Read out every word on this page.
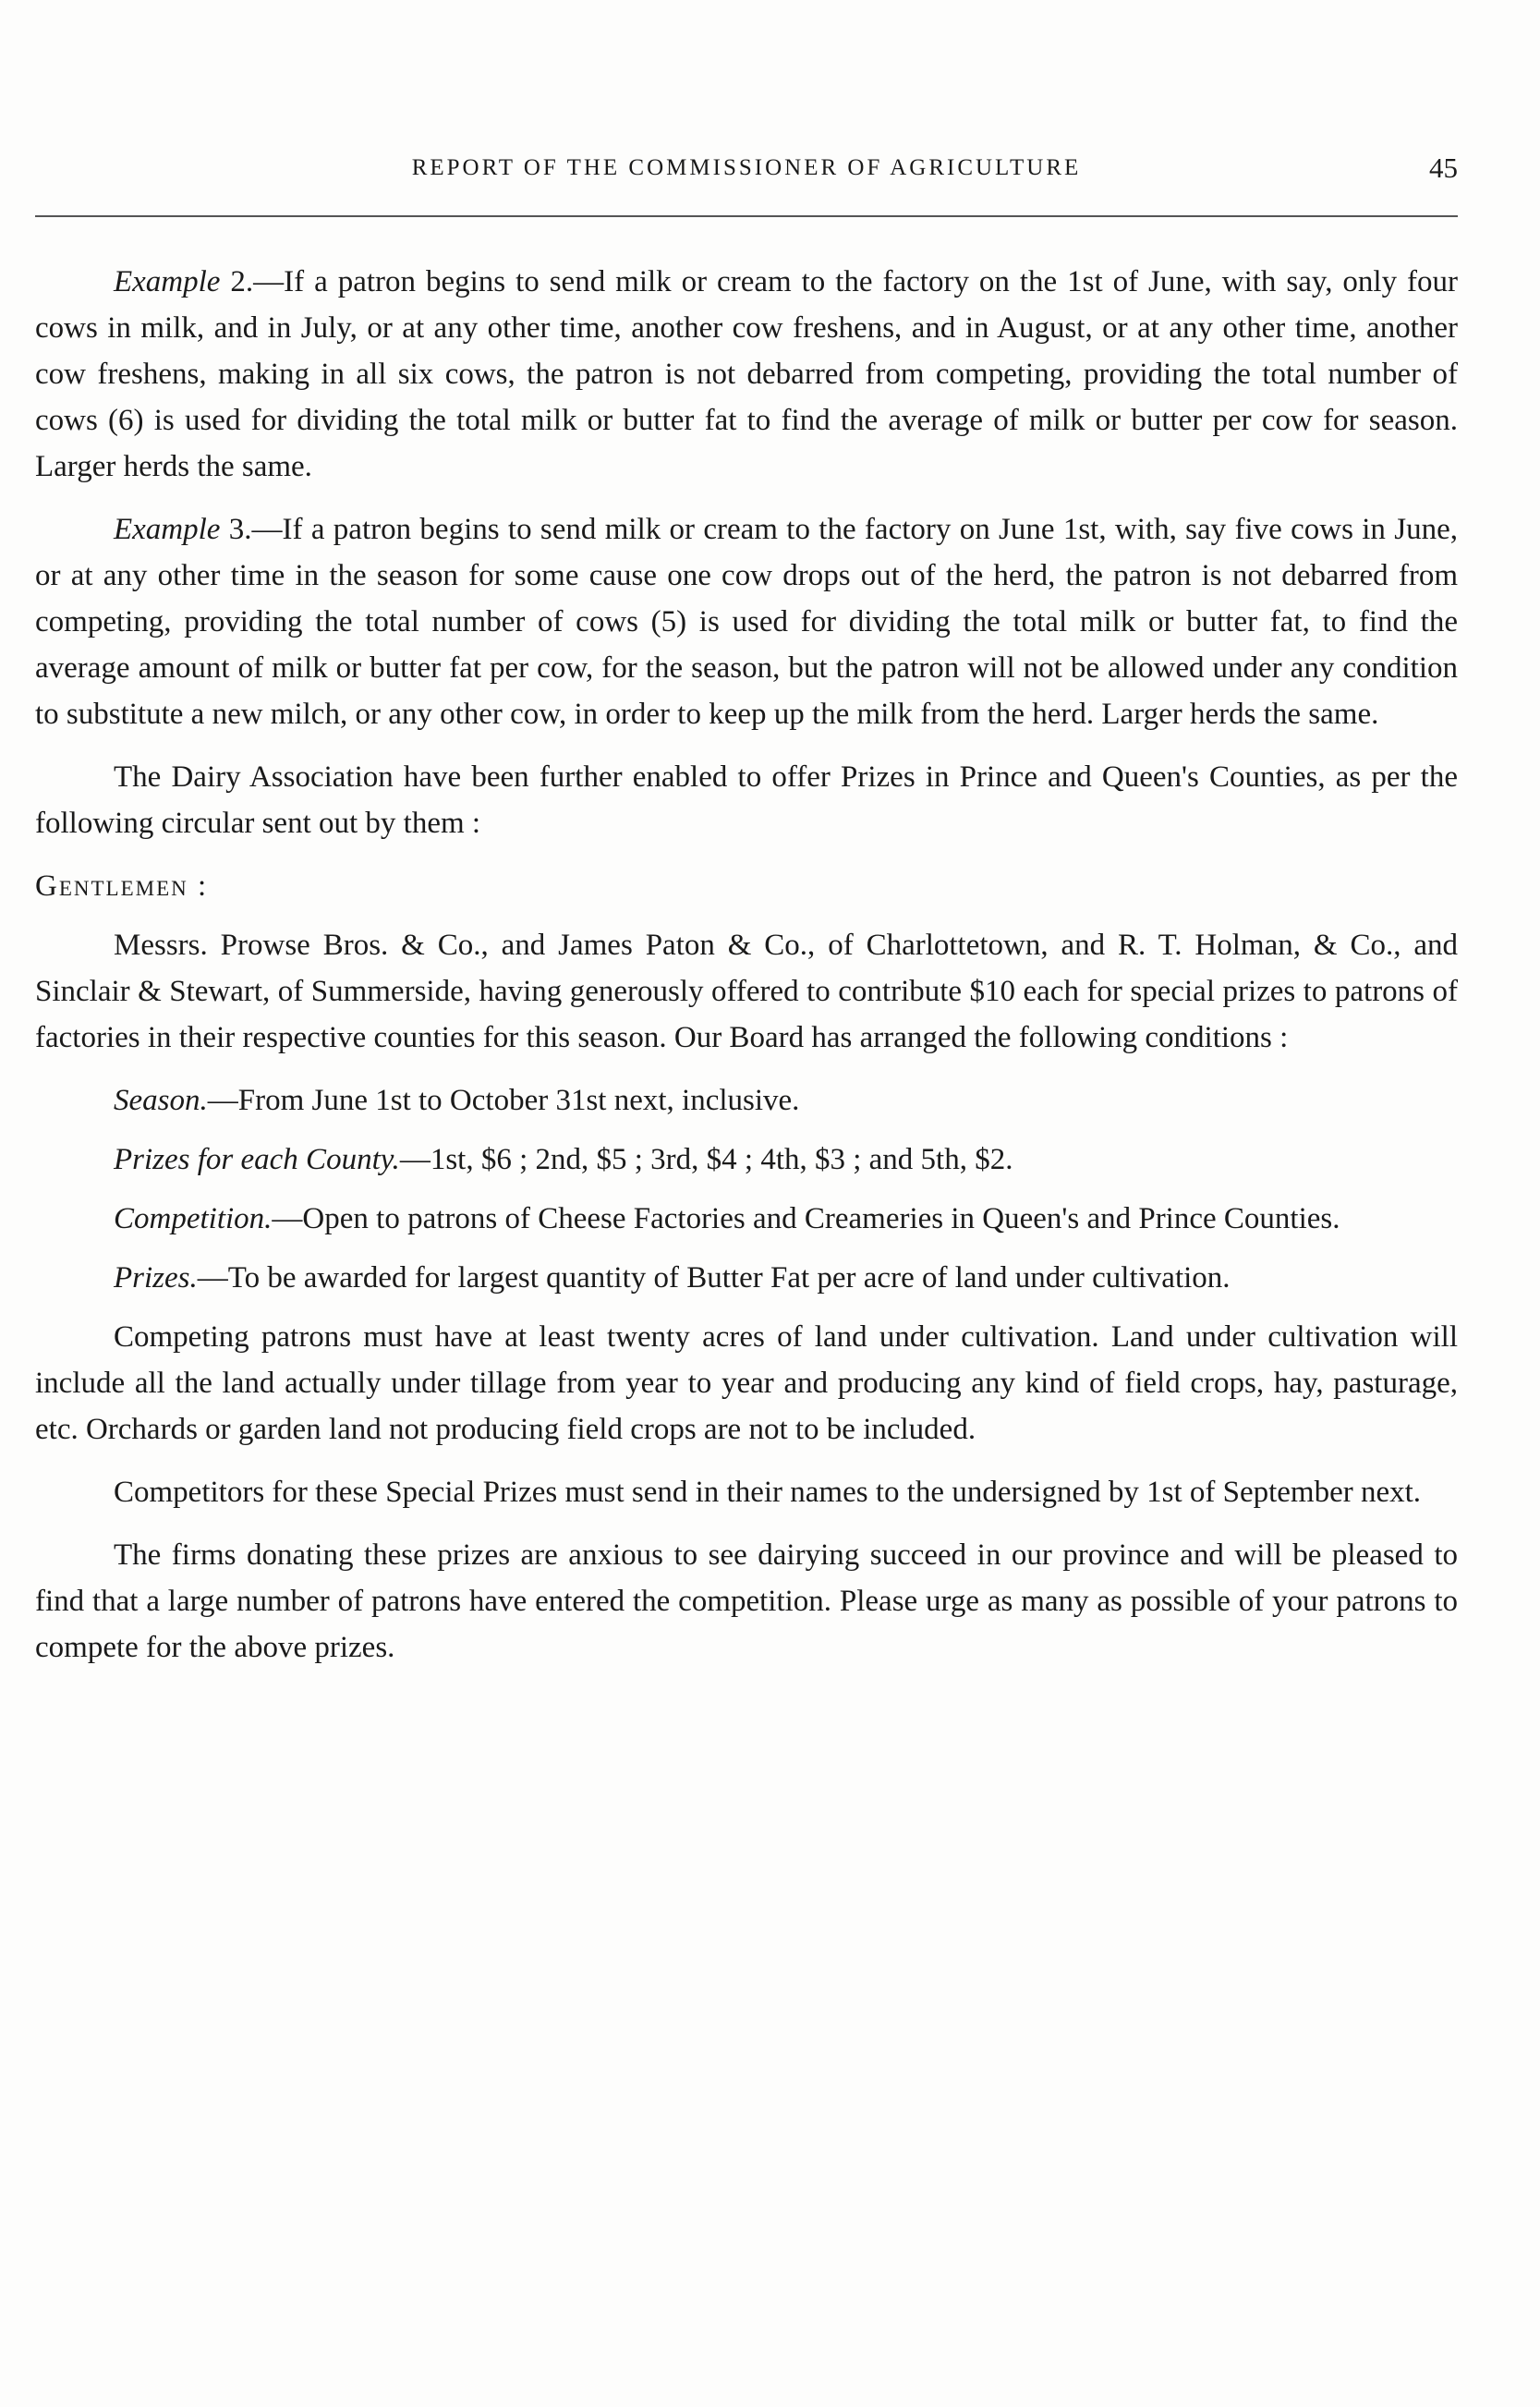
REPORT OF THE COMMISSIONER OF AGRICULTURE	45

Example 2.—If a patron begins to send milk or cream to the factory on the 1st of June, with say, only four cows in milk, and in July, or at any other time, another cow freshens, and in August, or at any other time, another cow freshens, making in all six cows, the patron is not debarred from competing, providing the total number of cows (6) is used for dividing the total milk or butter fat to find the average of milk or butter per cow for season. Larger herds the same.

Example 3.—If a patron begins to send milk or cream to the factory on June 1st, with, say five cows in June, or at any other time in the season for some cause one cow drops out of the herd, the patron is not debarred from competing, providing the total number of cows (5) is used for dividing the total milk or butter fat, to find the average amount of milk or butter fat per cow, for the season, but the patron will not be allowed under any condition to substitute a new milch, or any other cow, in order to keep up the milk from the herd. Larger herds the same.

The Dairy Association have been further enabled to offer Prizes in Prince and Queen's Counties, as per the following circular sent out by them :

Gentlemen :

Messrs. Prowse Bros. & Co., and James Paton & Co., of Charlottetown, and R. T. Holman, & Co., and Sinclair & Stewart, of Summerside, having generously offered to contribute $10 each for special prizes to patrons of factories in their respective counties for this season. Our Board has arranged the following conditions :

Season.—From June 1st to October 31st next, inclusive.

Prizes for each County.—1st, $6 ; 2nd, $5 ; 3rd, $4 ; 4th, $3 ; and 5th, $2.

Competition.—Open to patrons of Cheese Factories and Creameries in Queen's and Prince Counties.

Prizes.—To be awarded for largest quantity of Butter Fat per acre of land under cultivation.

Competing patrons must have at least twenty acres of land under cultivation. Land under cultivation will include all the land actually under tillage from year to year and producing any kind of field crops, hay, pasturage, etc. Orchards or garden land not producing field crops are not to be included.

Competitors for these Special Prizes must send in their names to the undersigned by 1st of September next.

The firms donating these prizes are anxious to see dairying succeed in our province and will be pleased to find that a large number of patrons have entered the competition. Please urge as many as possible of your patrons to compete for the above prizes.
